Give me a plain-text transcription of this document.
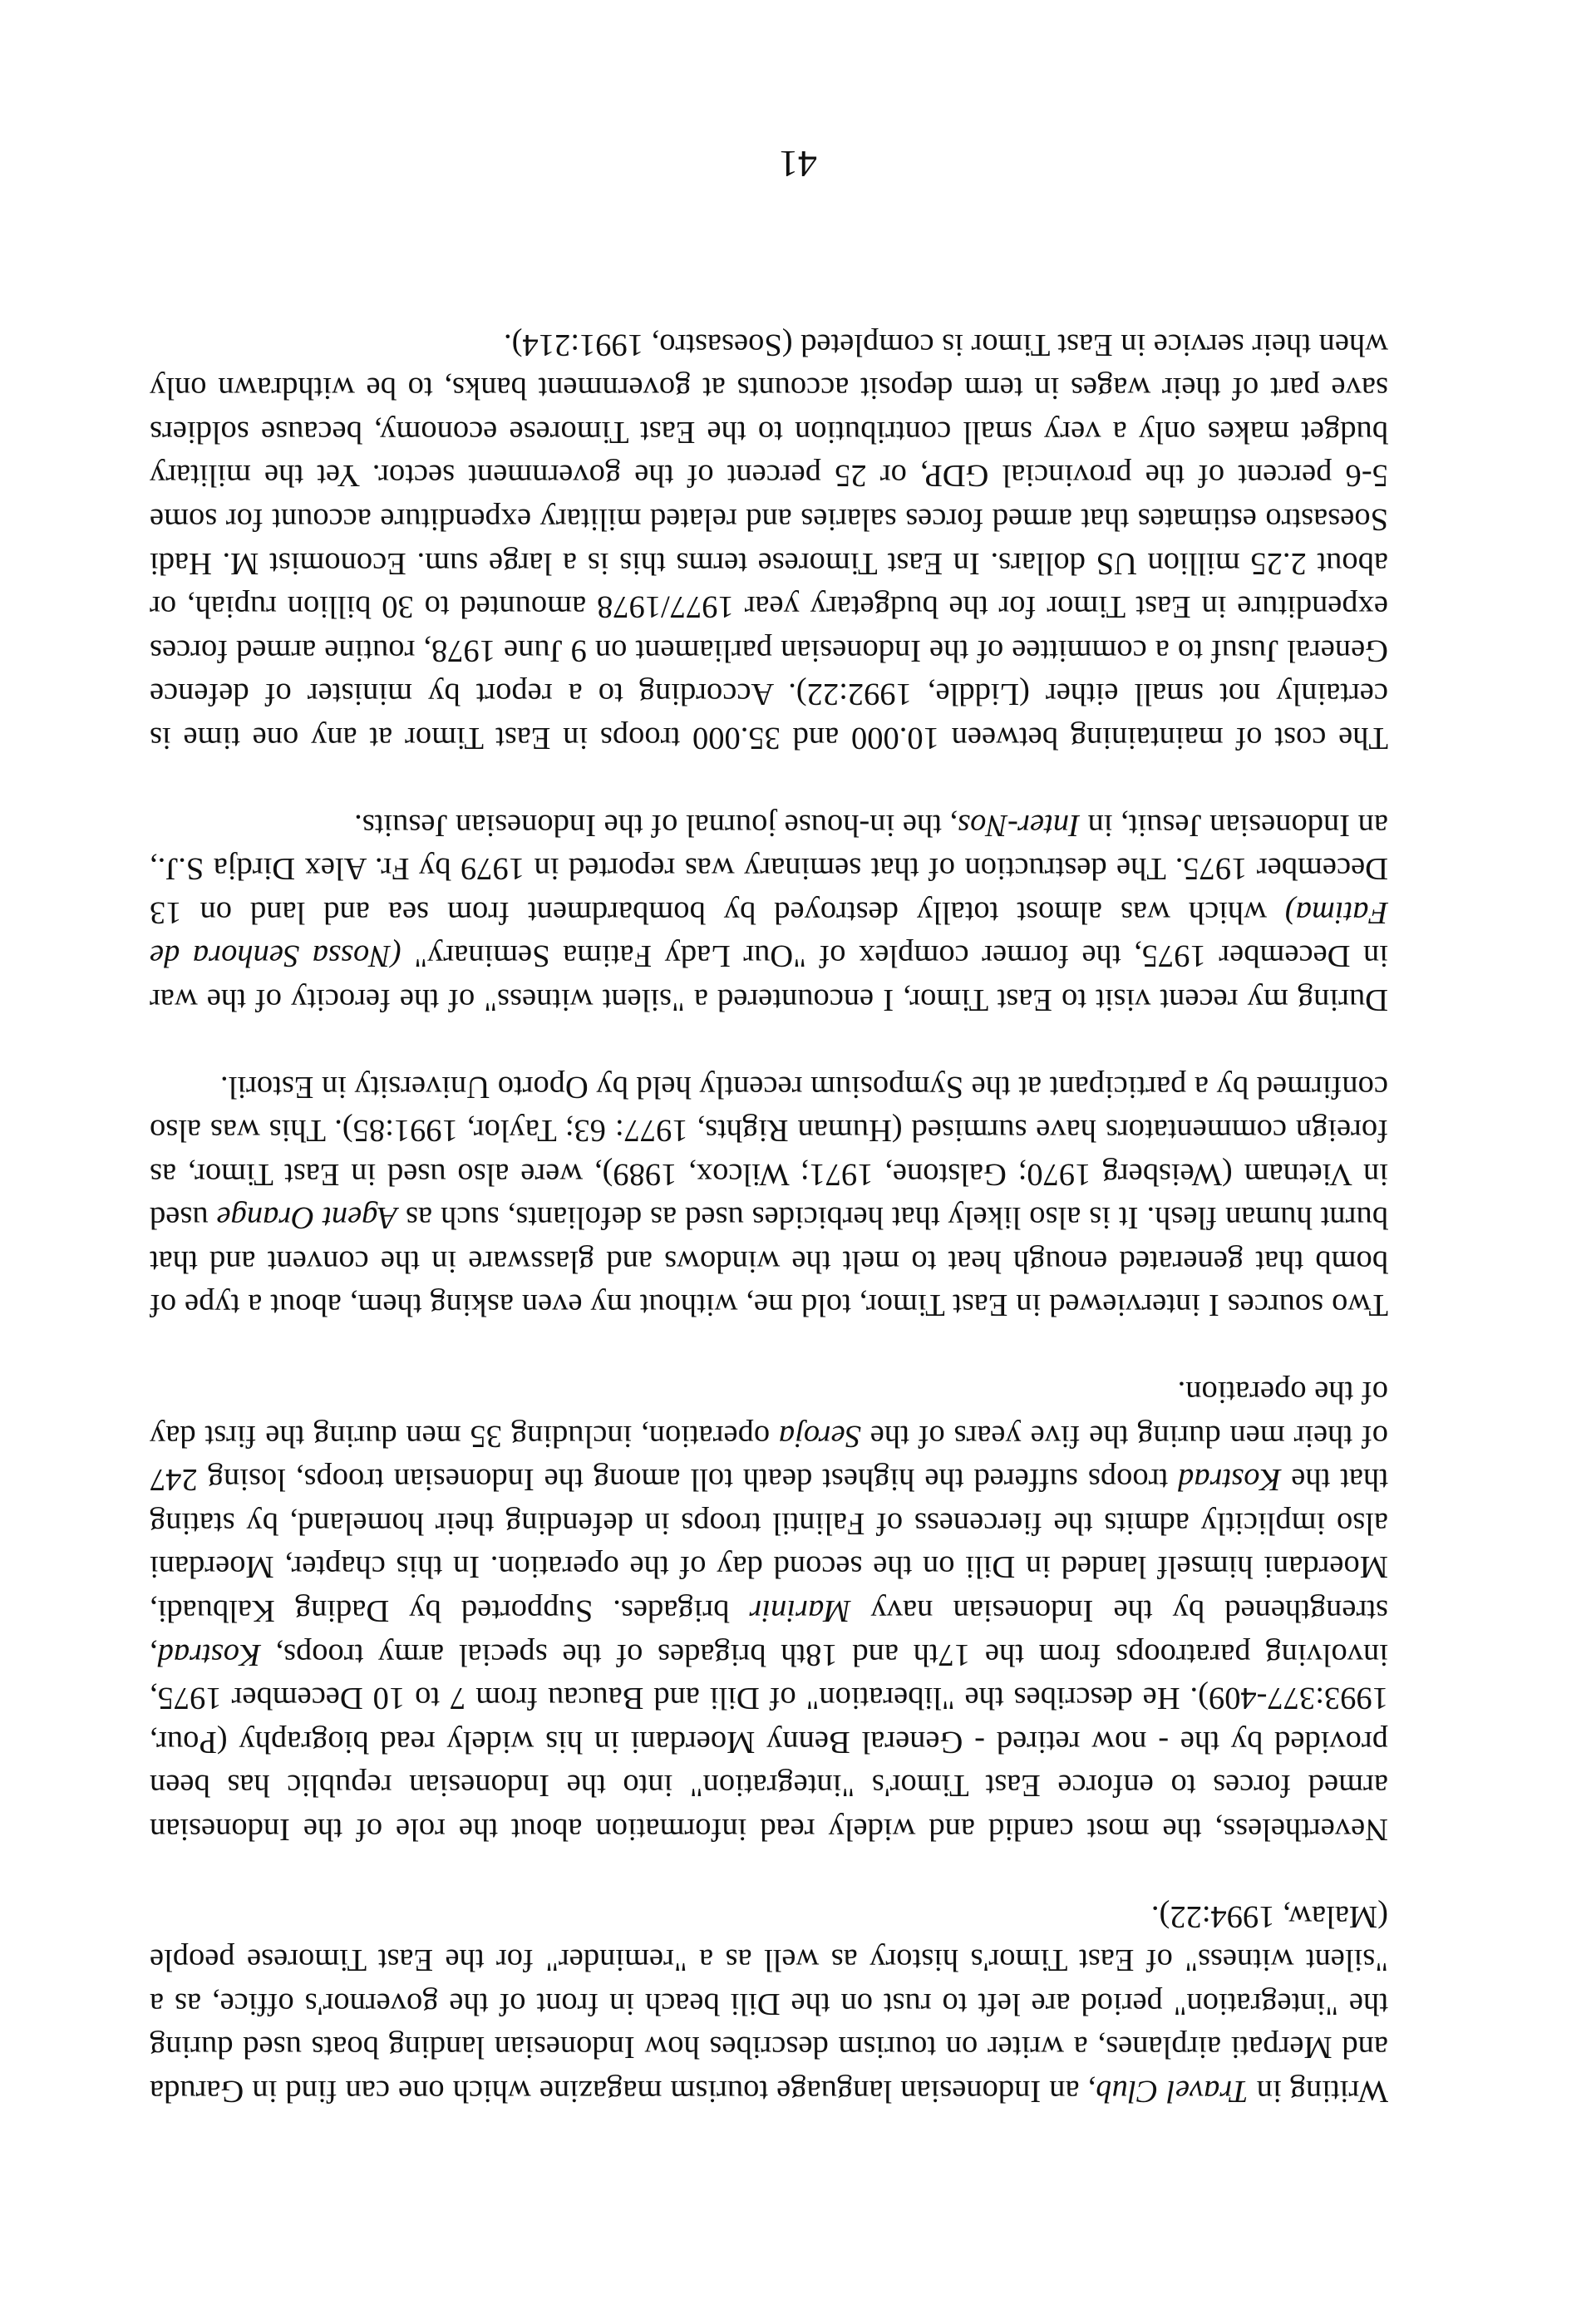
Writing in Travel Club, an Indonesian language tourism magazine which one can find in Garuda and Merpati airplanes, a writer on tourism describes how Indonesian landing boats used during the "integration" period are left to rust on the Dili beach in front of the governor's office, as a "silent witness" of East Timor's history as well as a "reminder" for the East Timorese people (Malaw, 1994:22).

Nevertheless, the most candid and widely read information about the role of the Indonesian armed forces to enforce East Timor's "integration" into the Indonesian republic has been provided by the - now retired - General Benny Moerdani in his widely read biography (Pour, 1993:377-409). He describes the "liberation" of Dili and Baucau from 7 to 10 December 1975, involving paratroops from the 17th and 18th brigades of the special army troops, Kostrad, strengthened by the Indonesian navy Marinir brigades. Supported by Dading Kalbuadi, Moerdani himself landed in Dili on the second day of the operation. In this chapter, Moerdani also implicitly admits the fierceness of Falintil troops in defending their homeland, by stating that the Kostrad troops suffered the highest death toll among the Indonesian troops, losing 247 of their men during the five years of the Seroja operation, including 35 men during the first day of the operation.

Two sources I interviewed in East Timor, told me, without my even asking them, about a type of bomb that generated enough heat to melt the windows and glassware in the convent and that burnt human flesh. It is also likely that herbicides used as defoliants, such as Agent Orange used in Vietnam (Weisberg 1970; Galstone, 1971; Wilcox, 1989), were also used in East Timor, as foreign commentators have surmised (Human Rights, 1977: 63; Taylor, 1991:85). This was also confirmed by a participant at the Symposium recently held by Oporto University in Estoril.

During my recent visit to East Timor, I encountered a "silent witness" of the ferocity of the war in December 1975, the former complex of "Our Lady Fatima Seminary" (Nossa Senhora de Fatima) which was almost totally destroyed by bombardment from sea and land on 13 December 1975. The destruction of that seminary was reported in 1979 by Fr. Alex Dirdja S.J., an Indonesian Jesuit, in Inter-Nos, the in-house journal of the Indonesian Jesuits.

The cost of maintaining between 10.000 and 35.000 troops in East Timor at any one time is certainly not small either (Liddle, 1992:22). According to a report by minister of defence General Jusuf to a committee of the Indonesian parliament on 9 June 1978, routine armed forces expenditure in East Timor for the budgetary year 1977/1978 amounted to 30 billion rupiah, or about 2.25 million US dollars. In East Timorese terms this is a large sum. Economist M. Hadi Soesastro estimates that armed forces salaries and related military expenditure account for some 5-6 percent of the provincial GDP, or 25 percent of the government sector. Yet the military budget makes only a very small contribution to the East Timorese economy, because soldiers save part of their wages in term deposit accounts at government banks, to be withdrawn only when their service in East Timor is completed (Soesastro, 1991:214).

41
